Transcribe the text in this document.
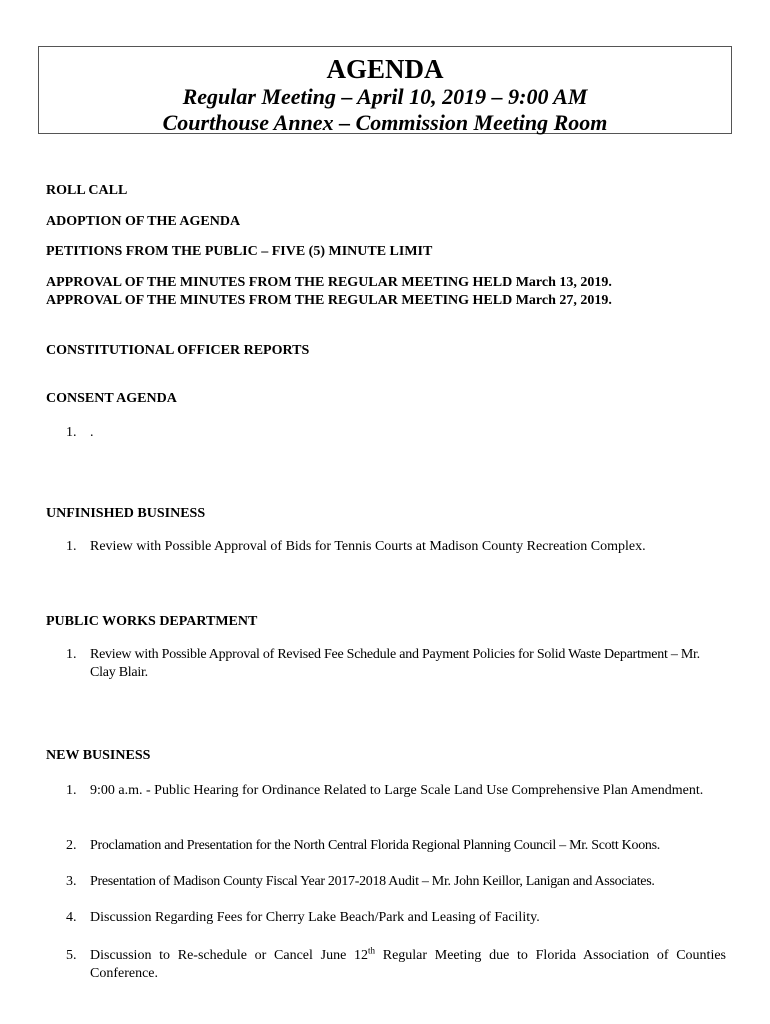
AGENDA
Regular Meeting – April 10, 2019 – 9:00 AM
Courthouse Annex – Commission Meeting Room
ROLL CALL
ADOPTION OF THE AGENDA
PETITIONS FROM THE PUBLIC – FIVE (5) MINUTE LIMIT
APPROVAL OF THE MINUTES FROM THE REGULAR MEETING HELD March 13, 2019.
APPROVAL OF THE MINUTES FROM THE REGULAR MEETING HELD March 27, 2019.
CONSTITUTIONAL OFFICER REPORTS
CONSENT AGENDA
1. .
UNFINISHED BUSINESS
1. Review with Possible Approval of Bids for Tennis Courts at Madison County Recreation Complex.
PUBLIC WORKS DEPARTMENT
1. Review with Possible Approval of Revised Fee Schedule and Payment Policies for Solid Waste Department – Mr. Clay Blair.
NEW BUSINESS
1. 9:00 a.m. - Public Hearing for Ordinance Related to Large Scale Land Use Comprehensive Plan Amendment.
2. Proclamation and Presentation for the North Central Florida Regional Planning Council – Mr. Scott Koons.
3. Presentation of Madison County Fiscal Year 2017-2018 Audit – Mr. John Keillor, Lanigan and Associates.
4. Discussion Regarding Fees for Cherry Lake Beach/Park and Leasing of Facility.
5. Discussion to Re-schedule or Cancel June 12th Regular Meeting due to Florida Association of Counties Conference.
